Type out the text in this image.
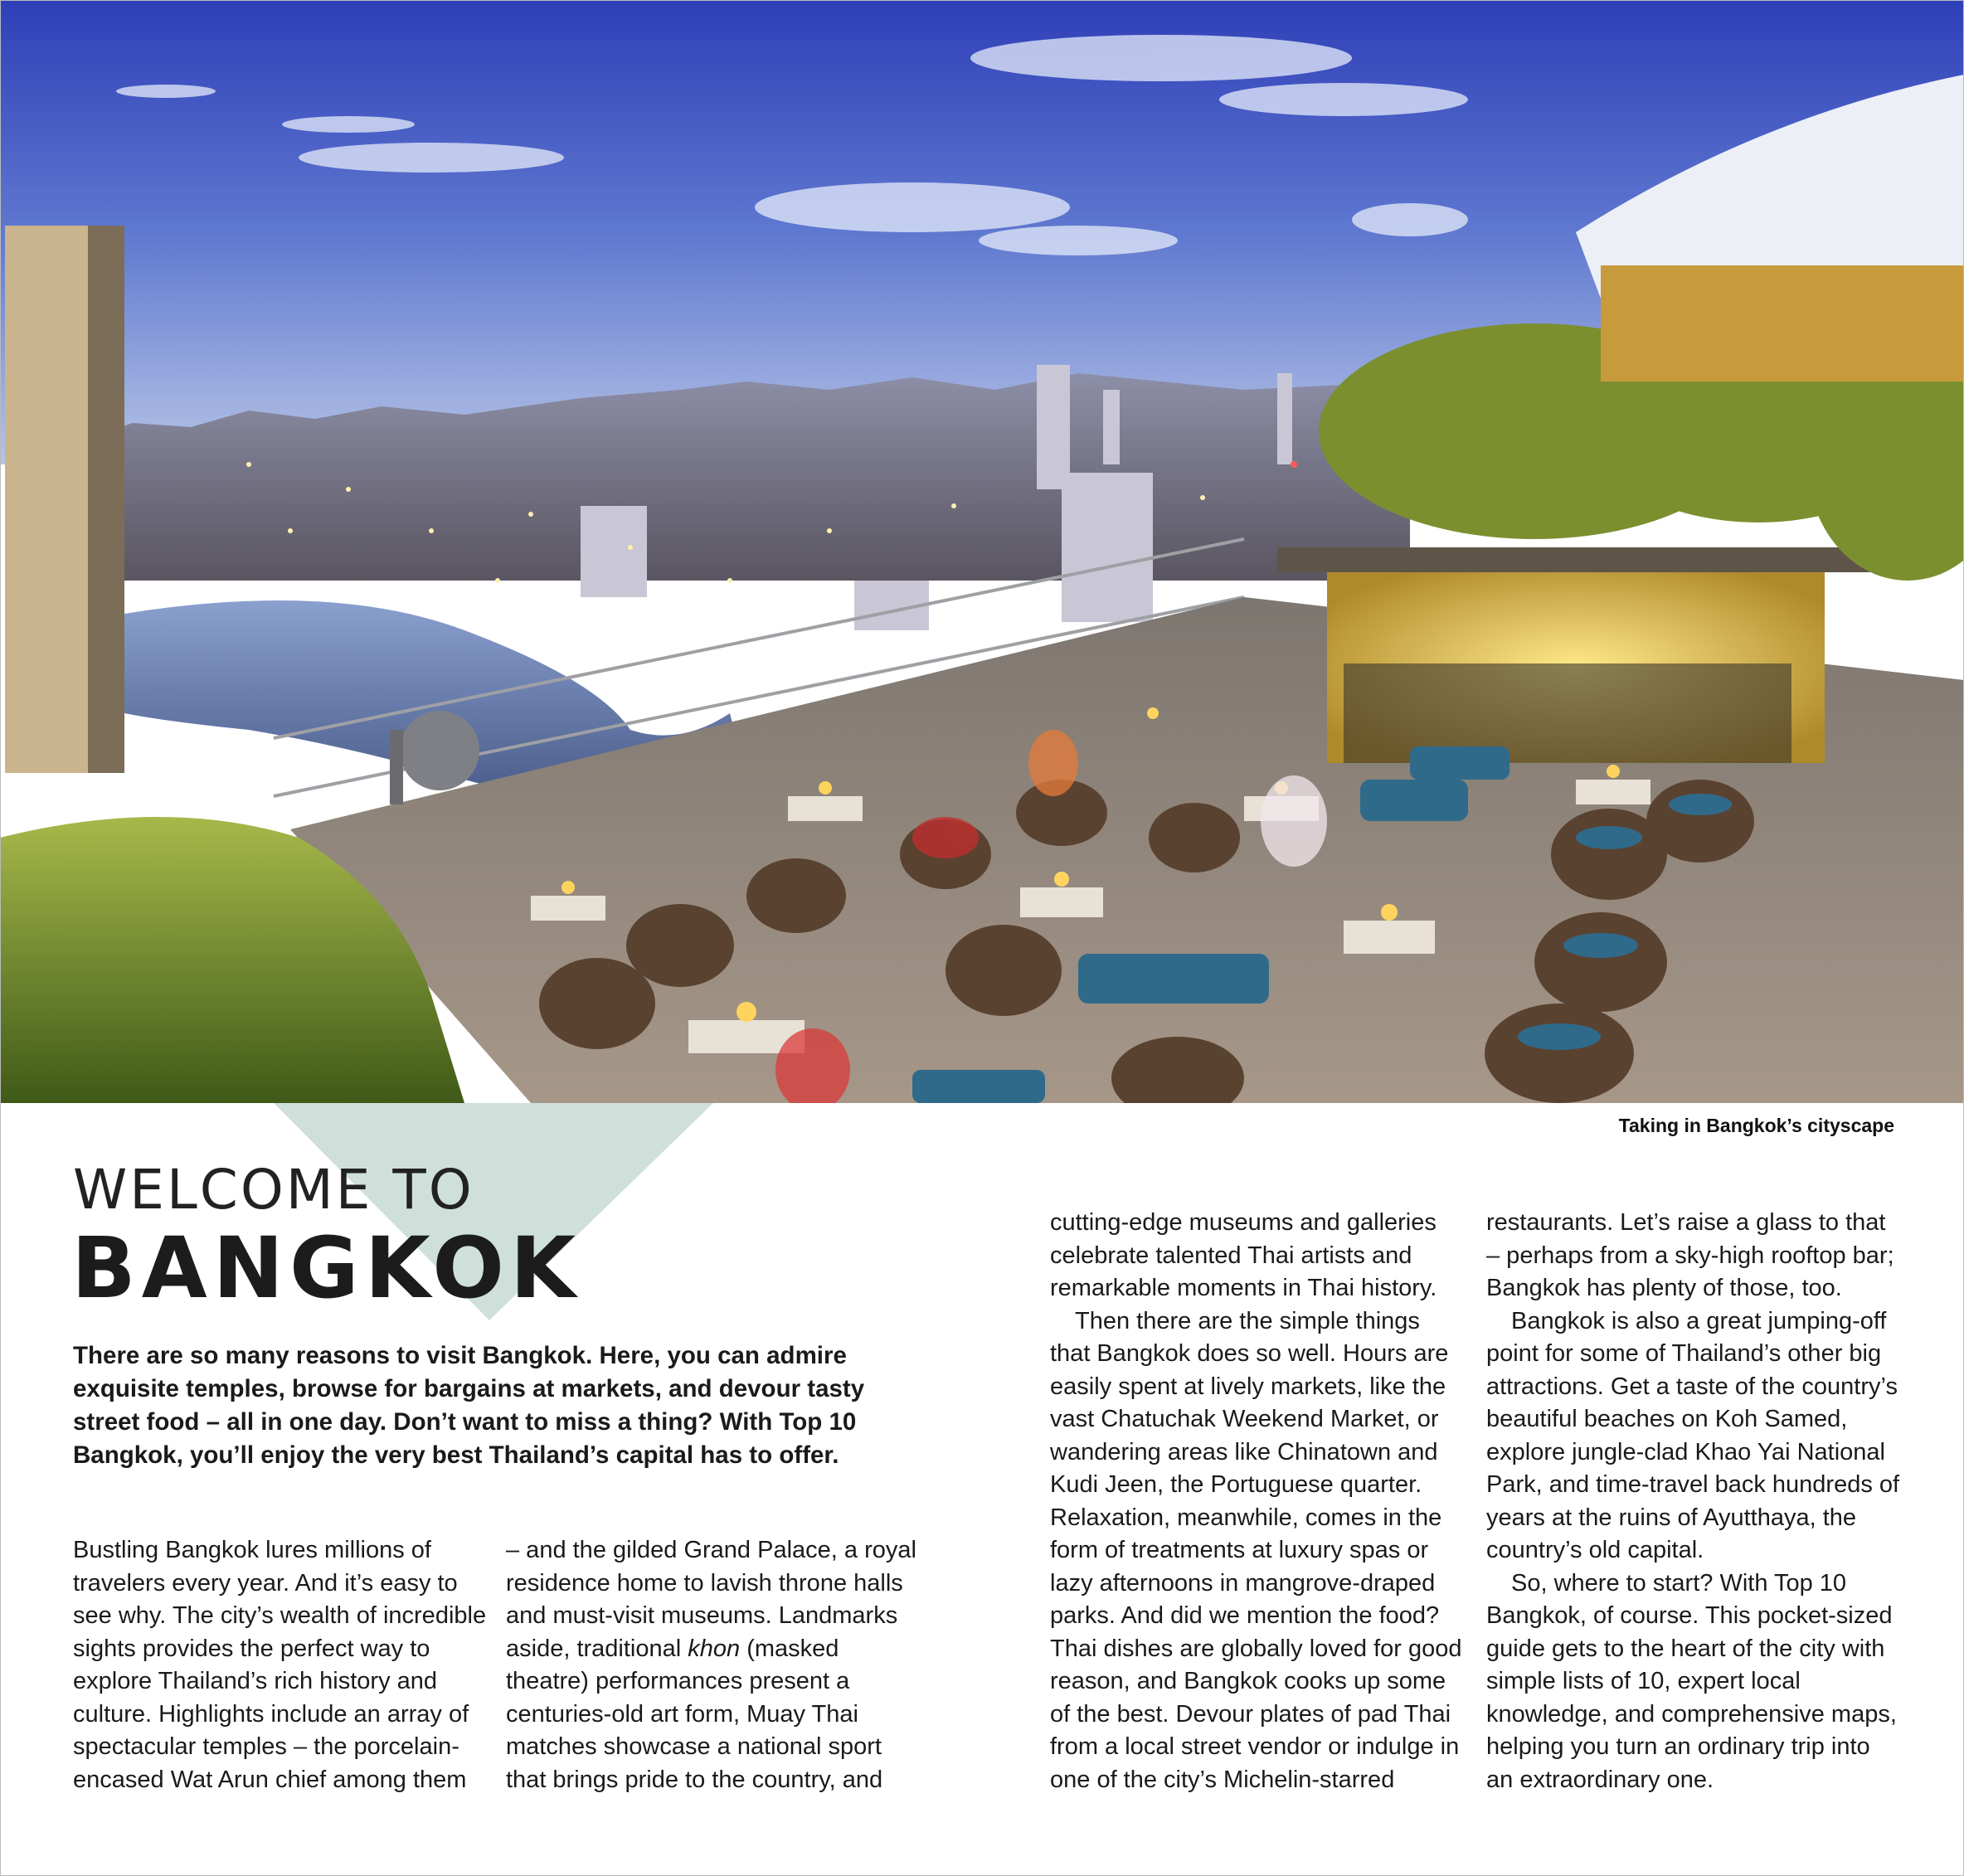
Taking in Bangkok’s cityscape
WELCOME TO
BANGKOK
There are so many reasons to visit Bangkok. Here, you can admire exquisite temples, browse for bargains at markets, and devour tasty street food – all in one day. Don’t want to miss a thing? With Top 10 Bangkok, you’ll enjoy the very best Thailand’s capital has to offer.

Bustling Bangkok lures millions of travelers every year. And it’s easy to see why. The city’s wealth of incredible sights provides the perfect way to explore Thailand’s rich history and culture. Highlights include an array of spectacular temples – the porcelain-encased Wat Arun chief among them

– and the gilded Grand Palace, a royal residence home to lavish throne halls and must-visit museums. Landmarks aside, traditional khon (masked theatre) performances present a centuries-old art form, Muay Thai matches showcase a national sport that brings pride to the country, and

cutting-edge museums and galleries celebrate talented Thai artists and remarkable moments in Thai history.

Then there are the simple things that Bangkok does so well. Hours are easily spent at lively markets, like the vast Chatuchak Weekend Market, or wandering areas like Chinatown and Kudi Jeen, the Portuguese quarter. Relaxation, meanwhile, comes in the form of treatments at luxury spas or lazy afternoons in mangrove-draped parks. And did we mention the food? Thai dishes are globally loved for good reason, and Bangkok cooks up some of the best. Devour plates of pad Thai from a local street vendor or indulge in one of the city’s Michelin-starred

restaurants. Let’s raise a glass to that – perhaps from a sky-high rooftop bar; Bangkok has plenty of those, too.

Bangkok is also a great jumping-off point for some of Thailand’s other big attractions. Get a taste of the country’s beautiful beaches on Koh Samed, explore jungle-clad Khao Yai National Park, and time-travel back hundreds of years at the ruins of Ayutthaya, the country’s old capital.

So, where to start? With Top 10 Bangkok, of course. This pocket-sized guide gets to the heart of the city with simple lists of 10, expert local knowledge, and comprehensive maps, helping you turn an ordinary trip into an extraordinary one.
